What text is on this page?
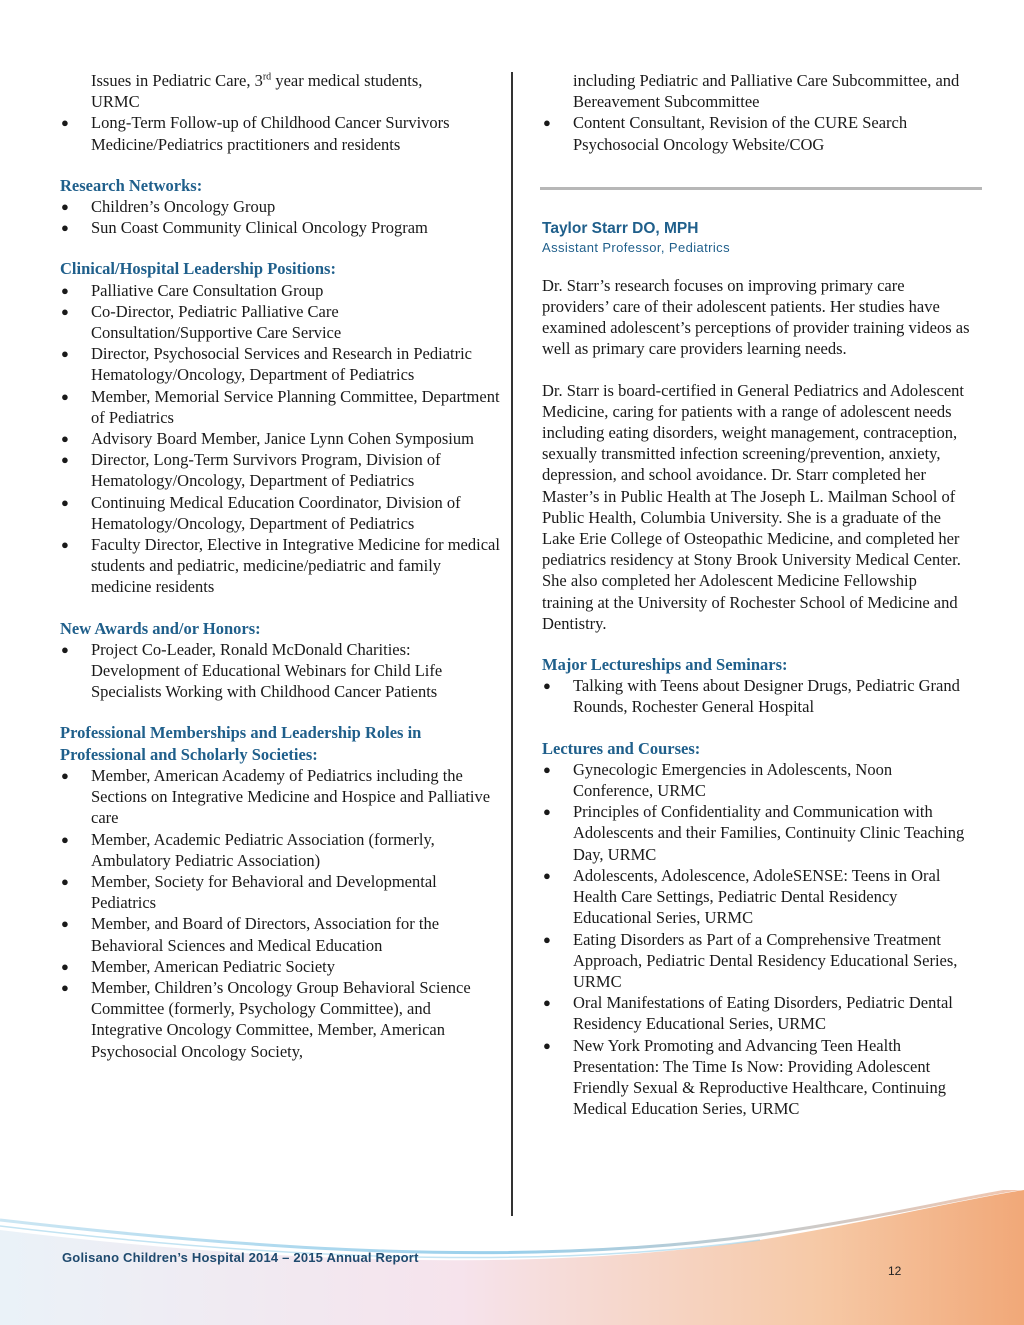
Issues in Pediatric Care, 3rd year medical students,

URMC

● Long-Term Follow-up of Childhood Cancer Survivors Medicine/Pediatrics practitioners and residents
Research Networks:
● Children’s Oncology Group
● Sun Coast Community Clinical Oncology Program
Clinical/Hospital Leadership Positions:
● Palliative Care Consultation Group
● Co-Director, Pediatric Palliative Care Consultation/Supportive Care Service
● Director, Psychosocial Services and Research in Pediatric Hematology/Oncology, Department of Pediatrics
● Member, Memorial Service Planning Committee, Department of Pediatrics
● Advisory Board Member, Janice Lynn Cohen Symposium
● Director, Long-Term Survivors Program, Division of Hematology/Oncology, Department of Pediatrics
● Continuing Medical Education Coordinator, Division of Hematology/Oncology, Department of Pediatrics
● Faculty Director, Elective in Integrative Medicine for medical students and pediatric, medicine/pediatric and family medicine residents
New Awards and/or Honors:
● Project Co-Leader, Ronald McDonald Charities: Development of Educational Webinars for Child Life Specialists Working with Childhood Cancer Patients
Professional Memberships and Leadership Roles in Professional and Scholarly Societies:
● Member, American Academy of Pediatrics including the Sections on Integrative Medicine and Hospice and Palliative care
● Member, Academic Pediatric Association (formerly, Ambulatory Pediatric Association)
● Member, Society for Behavioral and Developmental Pediatrics
● Member, and Board of Directors, Association for the Behavioral Sciences and Medical Education
● Member, American Pediatric Society
● Member, Children’s Oncology Group Behavioral Science Committee (formerly, Psychology Committee), and Integrative Oncology Committee, Member, American Psychosocial Oncology Society,

including Pediatric and Palliative Care Subcommittee, and Bereavement Subcommittee

● Content Consultant, Revision of the CURE Search Psychosocial Oncology Website/COG
Taylor Starr DO, MPH
Assistant Professor, Pediatrics

Dr. Starr’s research focuses on improving primary care providers’ care of their adolescent patients. Her studies have examined adolescent’s perceptions of provider training videos as well as primary care providers learning needs.

Dr. Starr is board-certified in General Pediatrics and Adolescent Medicine, caring for patients with a range of adolescent needs including eating disorders, weight management, contraception, sexually transmitted infection screening/prevention, anxiety, depression, and school avoidance. Dr. Starr completed her Master’s in Public Health at The Joseph L. Mailman School of Public Health, Columbia University. She is a graduate of the Lake Erie College of Osteopathic Medicine, and completed her pediatrics residency at Stony Brook University Medical Center. She also completed her Adolescent Medicine Fellowship training at the University of Rochester School of Medicine and Dentistry.

Major Lectureships and Seminars:
● Talking with Teens about Designer Drugs, Pediatric Grand Rounds, Rochester General Hospital
Lectures and Courses:
● Gynecologic Emergencies in Adolescents, Noon Conference, URMC
● Principles of Confidentiality and Communication with Adolescents and their Families, Continuity Clinic Teaching Day, URMC
● Adolescents, Adolescence, AdoleSENSE: Teens in Oral Health Care Settings, Pediatric Dental Residency Educational Series, URMC
● Eating Disorders as Part of a Comprehensive Treatment Approach, Pediatric Dental Residency Educational Series, URMC
● Oral Manifestations of Eating Disorders, Pediatric Dental Residency Educational Series, URMC
● New York Promoting and Advancing Teen Health Presentation: The Time Is Now: Providing Adolescent Friendly Sexual & Reproductive Healthcare, Continuing Medical Education Series, URMC
Golisano Children’s Hospital 2014 – 2015 Annual Report
12
